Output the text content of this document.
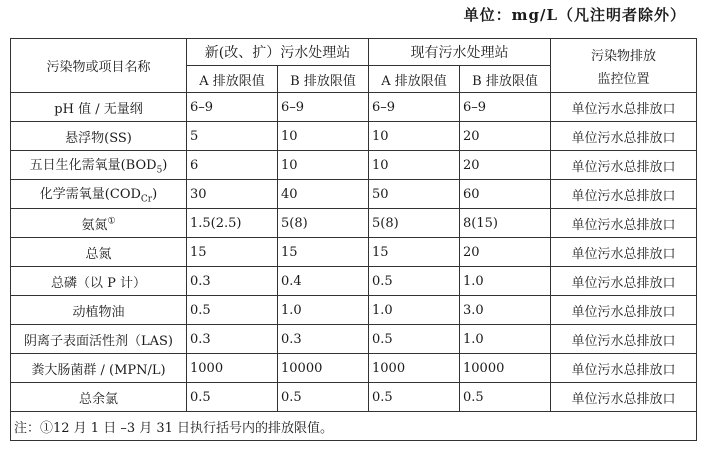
单位：mg/L（凡注明者除外）
污染物或项目名称	新(改、扩）污水处理站		现有污水处理站		污染物排放
监控位置

	A 排放限值	B 排放限值	A 排放限值	B 排放限值	
pH 值 / 无量纲	6–9	6–9	6–9	6–9	单位污水总排放口
悬浮物(SS)	5	10	10	20	单位污水总排放口
五日生化需氧量$(BOD_5)$	6	10	10	20	单位污水总排放口
化学需氧量$(COD_{Cr})$	30	40	50	60	单位污水总排放口
氨氮①	1.5(2.5)	5(8)	5(8)	8(15)	单位污水总排放口
总氮	15	15	15	20	单位污水总排放口
总磷（以 P 计）	0.3	0.4	0.5	1.0	单位污水总排放口
动植物油	0.5	1.0	1.0	3.0	单位污水总排放口
阴离子表面活性剂（LAS)	0.3	0.3	0.5	1.0	单位污水总排放口
粪大肠菌群 / (MPN/L)	1000	10000	1000	10000	单位污水总排放口
总余氯	0.5	0.5	0.5	0.5	单位污水总排放口
注：①12 月 1 日 –3 月 31 日执行括号内的排放限值。					
